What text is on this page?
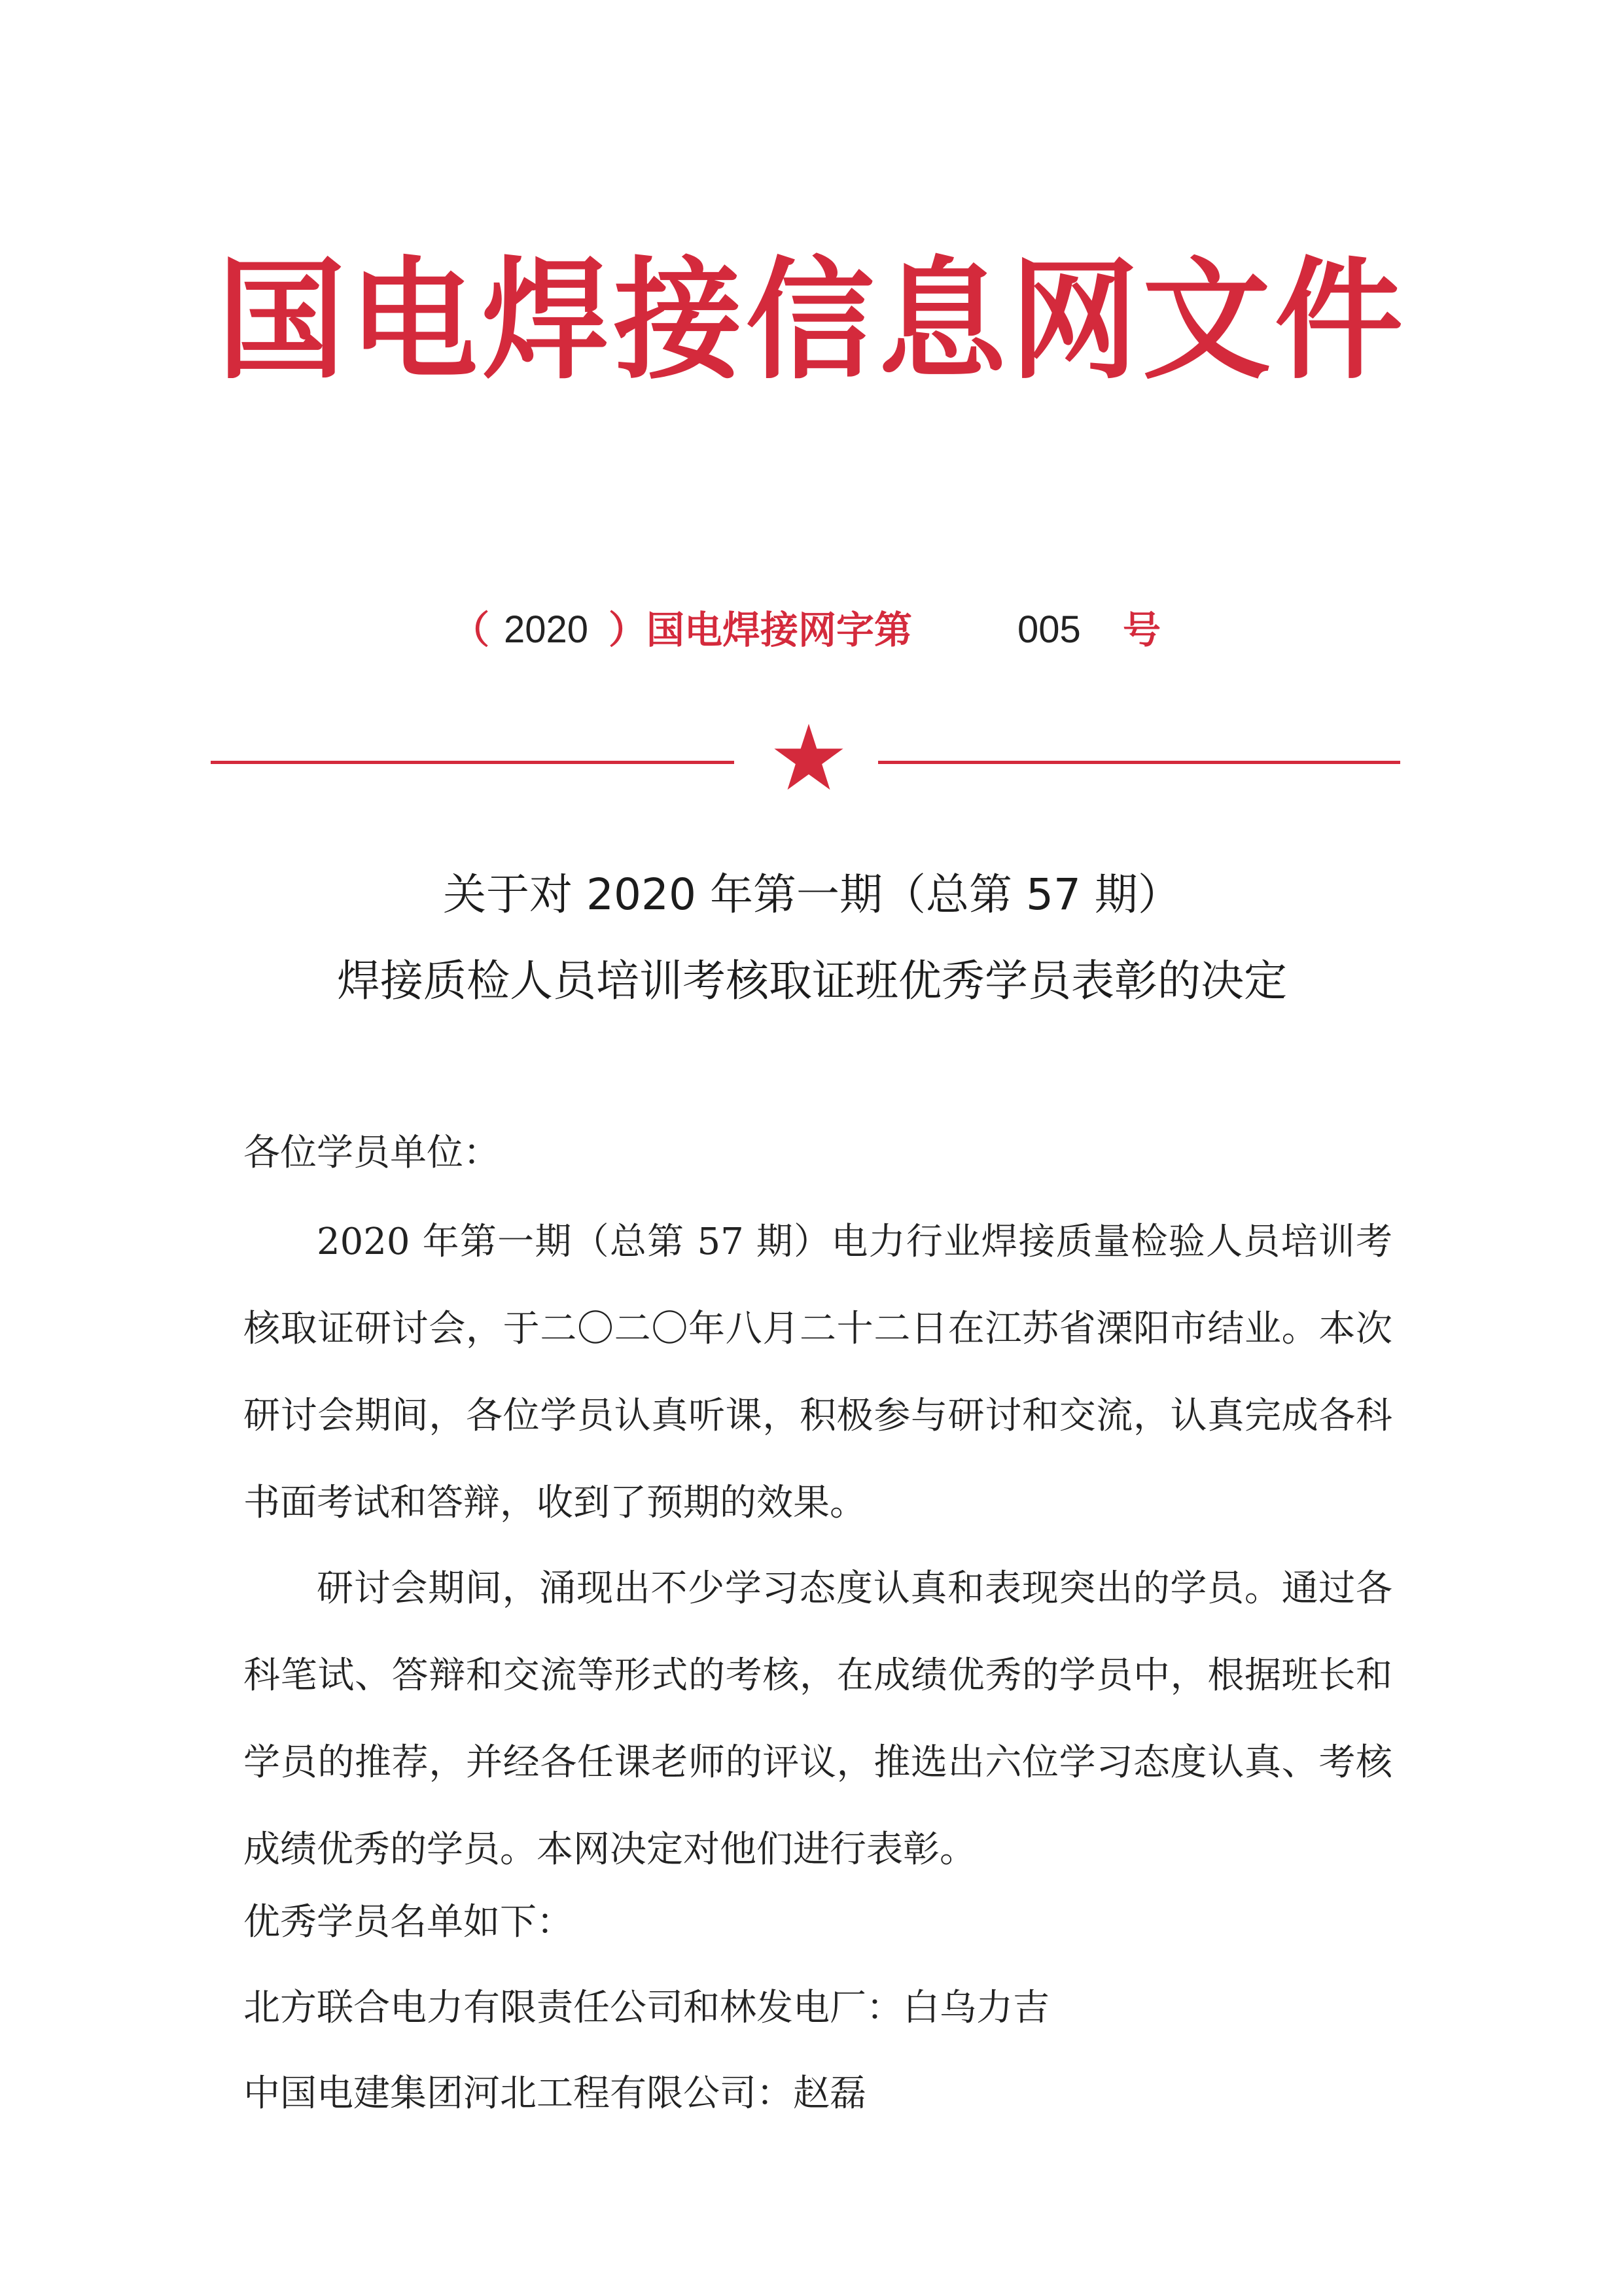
国电焊接信息网文件
（ 2020 ）国电焊接网字第	005 号
关于对 2020 年第一期（总第 57 期）
焊接质检人员培训考核取证班优秀学员表彰的决定
各位学员单位：
2020 年第一期（总第 57 期）电力行业焊接质量检验人员培训考核取证研讨会，于二〇二〇年八月二十二日在江苏省溧阳市结业。本次研讨会期间，各位学员认真听课，积极参与研讨和交流，认真完成各科书面考试和答辩，收到了预期的效果。
研讨会期间，涌现出不少学习态度认真和表现突出的学员。通过各科笔试、答辩和交流等形式的考核，在成绩优秀的学员中，根据班长和学员的推荐，并经各任课老师的评议，推选出六位学习态度认真、考核成绩优秀的学员。本网决定对他们进行表彰。
优秀学员名单如下：
北方联合电力有限责任公司和林发电厂：白乌力吉
中国电建集团河北工程有限公司：赵磊
